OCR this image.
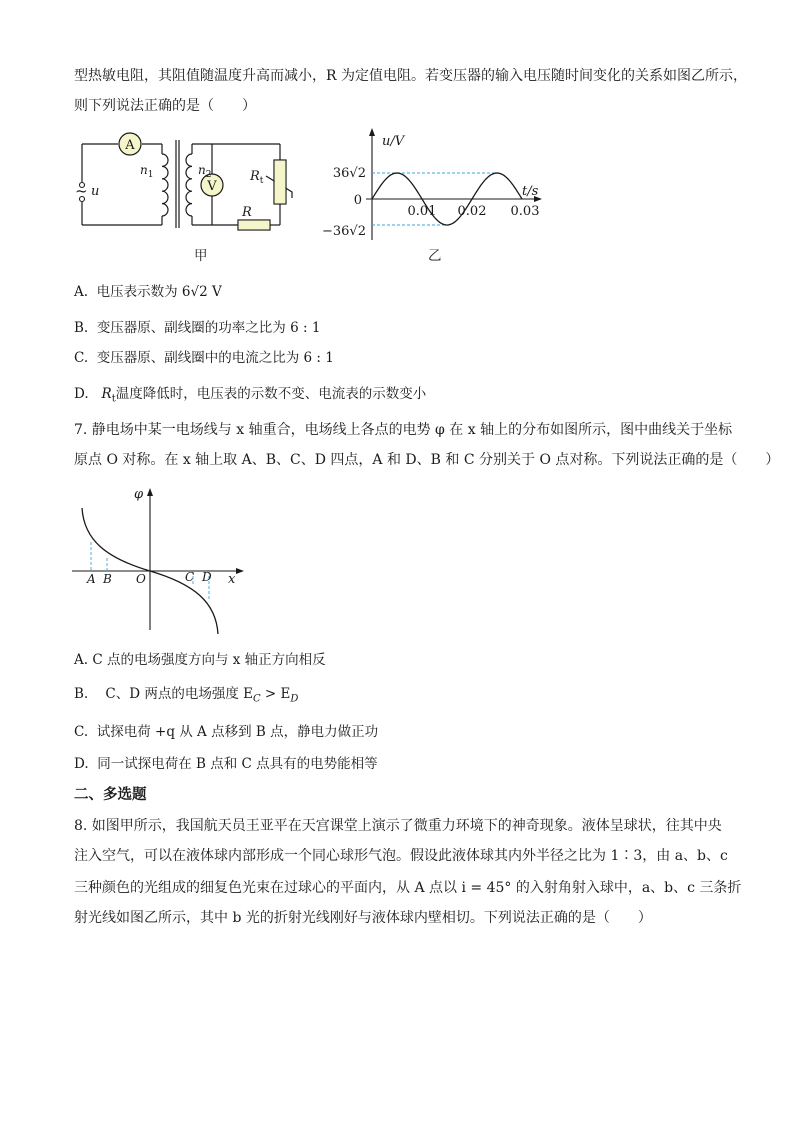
型热敏电阻，其阻值随温度升高而减小，R 为定值电阻。若变压器的输入电压随时间变化的关系如图乙所示，
则下列说法正确的是（　　）
A
V
~ u
$n_1$	$n_2$	$R_t$
R
甲
0.01 0.02 0.03
u/V
t/s
36√2
0
−36√2
乙
A. 电压表示数为 6√2 V
B. 变压器原、副线圈的功率之比为 6 : 1
C. 变压器原、副线圈中的电流之比为 6 : 1
D. $R_t$温度降低时，电压表的示数不变、电流表的示数变小
7. 静电场中某一电场线与 x 轴重合，电场线上各点的电势 φ 在 x 轴上的分布如图所示，图中曲线关于坐标
原点 O 对称。在 x 轴上取 A、B、C、D 四点，A 和 D、B 和 C 分别关于 O 点对称。下列说法正确的是（　　）
φ
x
O
A B	C D
A. C 点的电场强度方向与 x 轴正方向相反
B. C、D 两点的电场强度 $E_C > E_D$
C. 试探电荷 +q 从 A 点移到 B 点，静电力做正功
D. 同一试探电荷在 B 点和 C 点具有的电势能相等
二、多选题
8. 如图甲所示，我国航天员王亚平在天宫课堂上演示了微重力环境下的神奇现象。液体呈球状，往其中央
注入空气，可以在液体球内部形成一个同心球形气泡。假设此液体球其内外半径之比为 1∶3，由 a、b、c
三种颜色的光组成的细复色光束在过球心的平面内，从 A 点以 i = 45° 的入射角射入球中，a、b、c 三条折
射光线如图乙所示，其中 b 光的折射光线刚好与液体球内壁相切。下列说法正确的是（　　）
